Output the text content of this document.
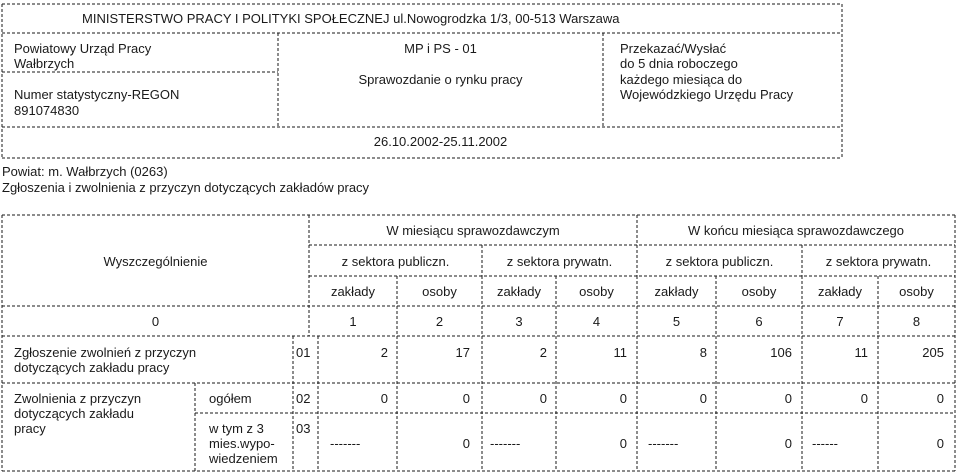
MINISTERSTWO PRACY I POLITYKI SPOŁECZNEJ ul.Nowogrodzka 1/3, 00-513 Warszawa
Powiatowy Urząd Pracy
Wałbrzych
Numer statystyczny-REGON
891074830
MP i PS - 01
Sprawozdanie o rynku pracy
Przekazać/Wysłać
do 5 dnia roboczego
każdego miesiąca do
Wojewódzkiego Urzędu Pracy
26.10.2002-25.11.2002
Powiat: m. Wałbrzych (0263)
Zgłoszenia i zwolnienia z przyczyn dotyczących zakładów pracy
Wyszczególnienie
W miesiącu sprawozdawczym	W końcu miesiąca sprawozdawczego
z sektora publiczn.	z sektora prywatn.	z sektora publiczn.	z sektora prywatn.
zakłady	osoby	zakłady	osoby	zakłady	osoby	zakłady	osoby
0	1	2	3	4	5	6	7	8
Zgłoszenie zwolnień z przyczyn
dotyczących zakładu pracy
01	2	17	2	11	8	106	11	205
Zwolnienia z przyczyn
dotyczących zakładu
pracy
ogółem	02	0	0	0	0	0	0	0	0
w tym z 3
mies.wypo-
wiedzeniem
03
-------	0 -------	0 -------	0 ------	0
